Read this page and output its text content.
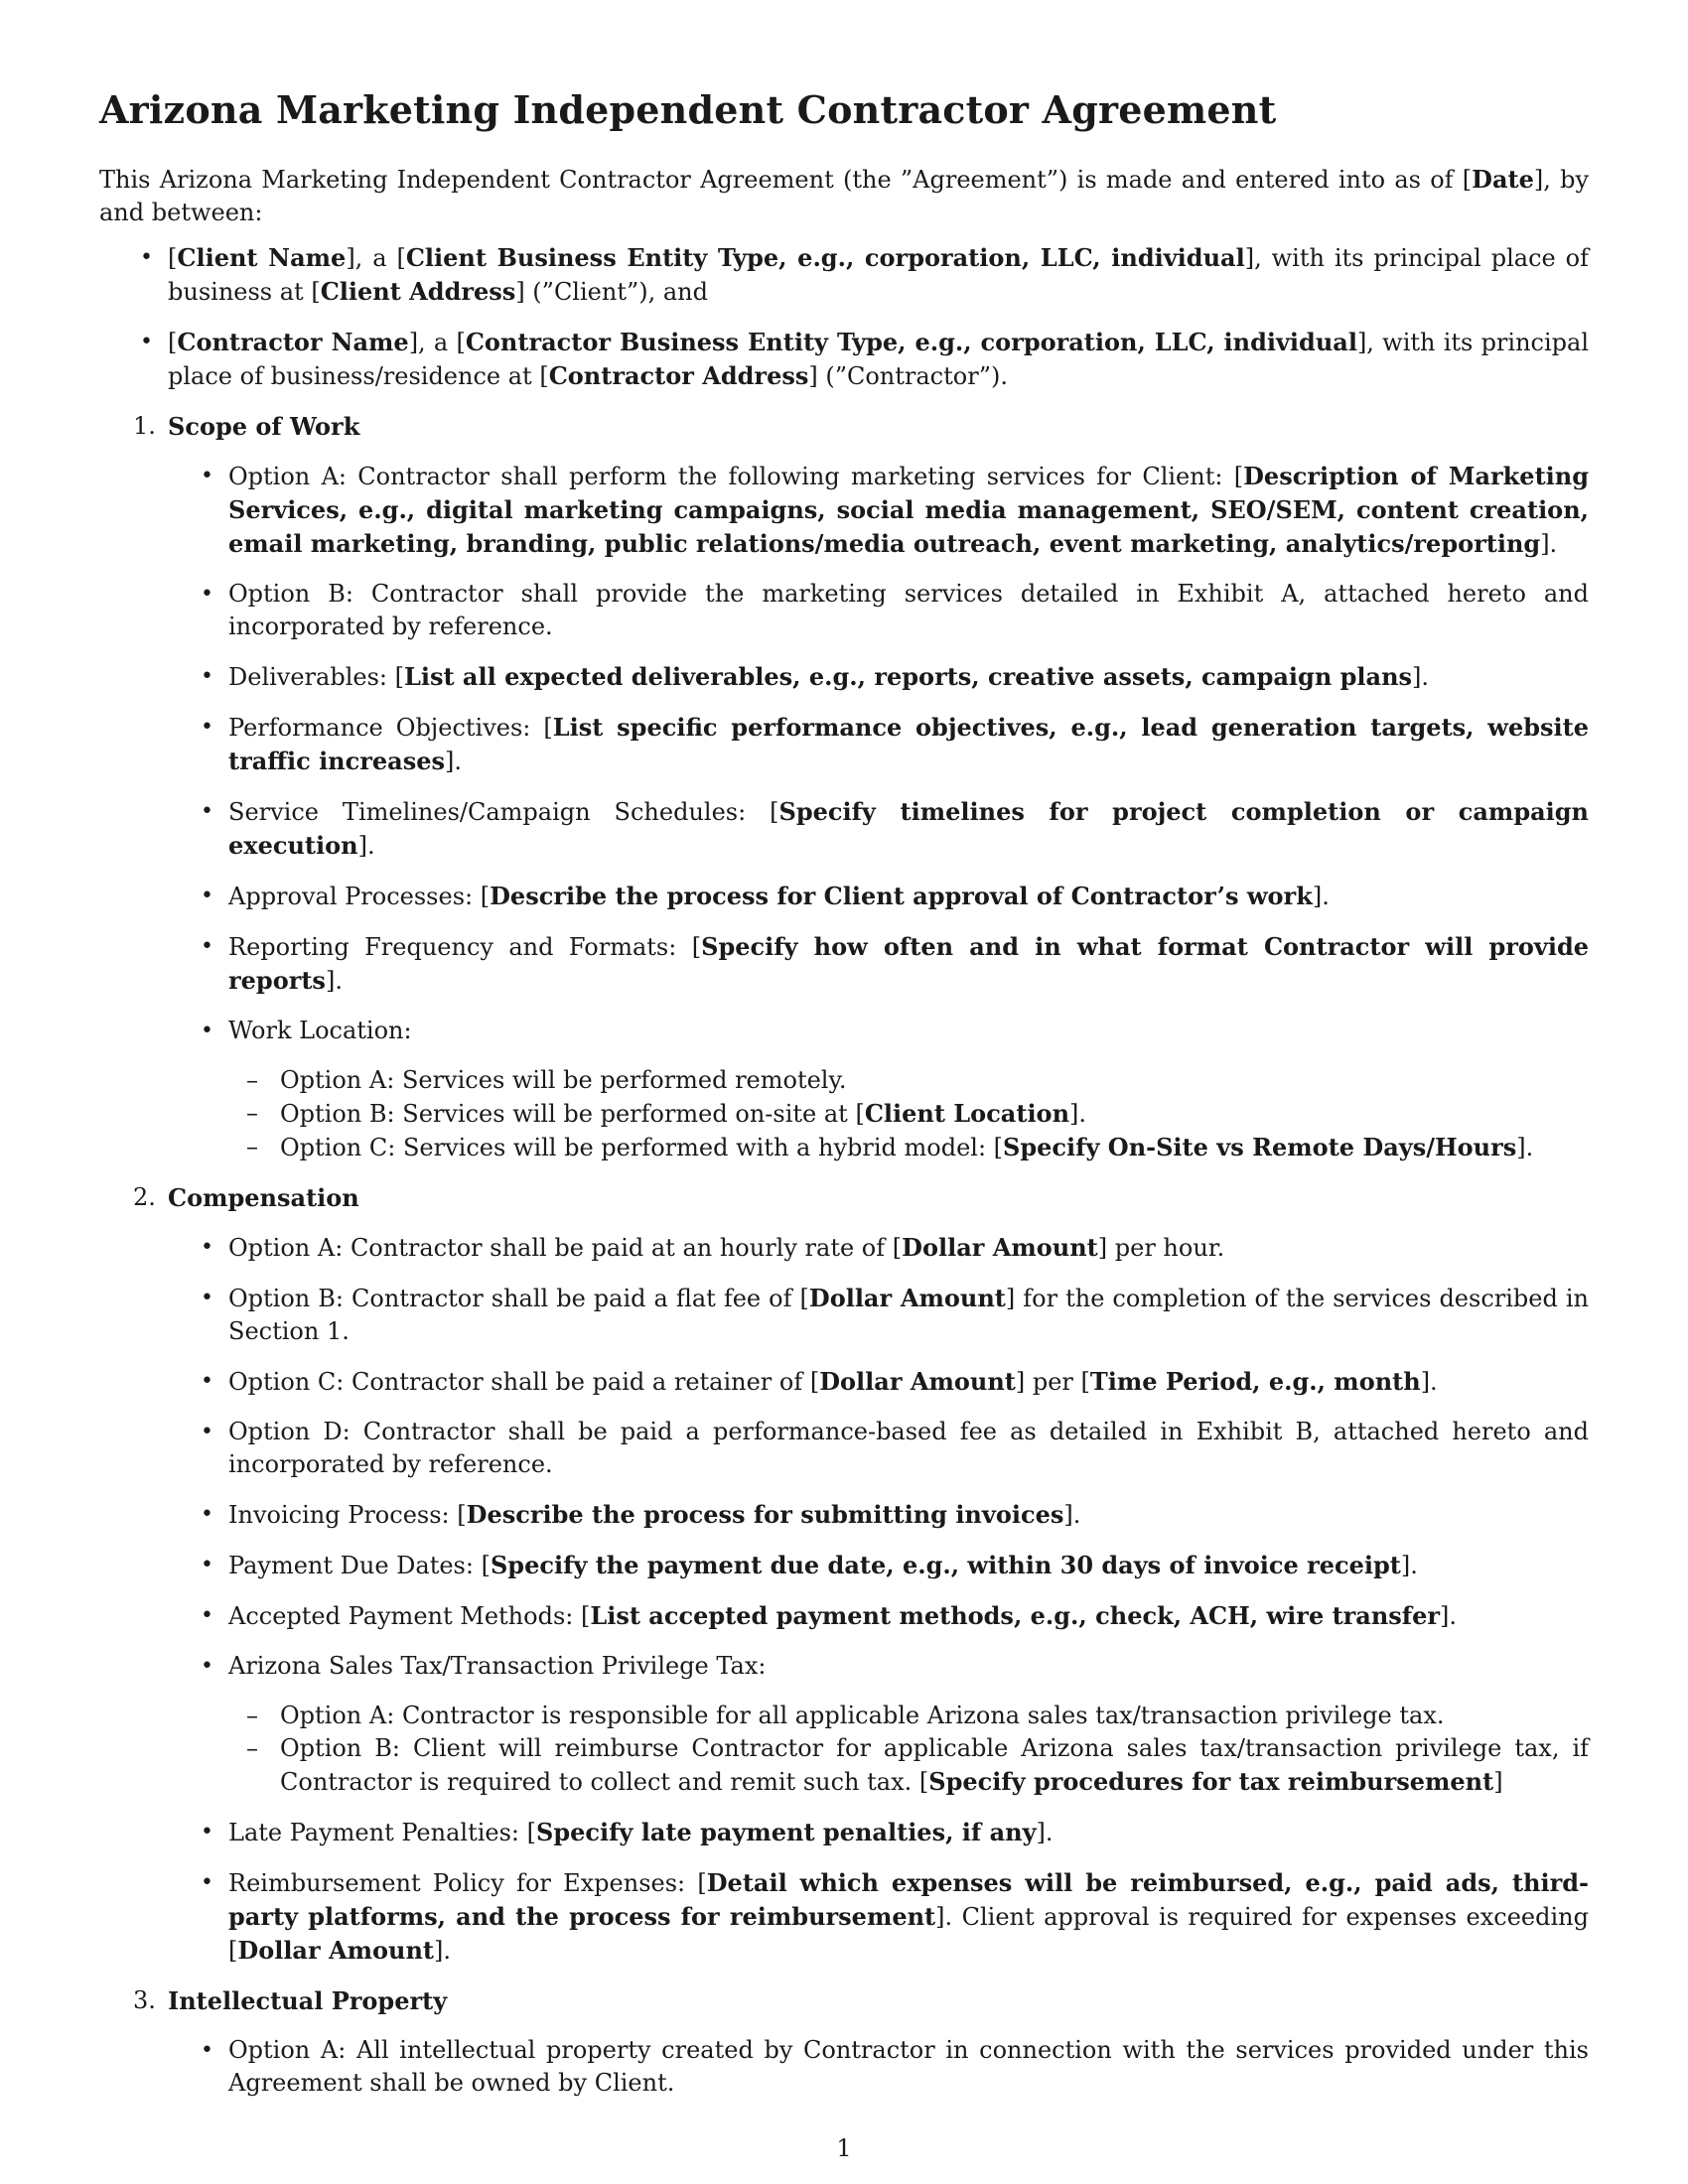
Arizona Marketing Independent Contractor Agreement

This Arizona Marketing Independent Contractor Agreement (the ”Agreement”) is made and entered into as of [Date], by and between:

• [Client Name], a [Client Business Entity Type, e.g., corporation, LLC, individual], with its principal place of business at [Client Address] (”Client”), and
• [Contractor Name], a [Contractor Business Entity Type, e.g., corporation, LLC, individual], with its principal place of business/residence at [Contractor Address] (”Contractor”).
1. Scope of Work
• Option A: Contractor shall perform the following marketing services for Client: [Description of Marketing Services, e.g., digital marketing campaigns, social media management, SEO/SEM, content creation, email marketing, branding, public relations/media outreach, event marketing, analytics/reporting].
• Option B: Contractor shall provide the marketing services detailed in Exhibit A, attached hereto and incorporated by reference.
• Deliverables: [List all expected deliverables, e.g., reports, creative assets, campaign plans].
• Performance Objectives: [List specific performance objectives, e.g., lead generation targets, website traffic increases].
• Service Timelines/Campaign Schedules: [Specify timelines for project completion or campaign execution].
• Approval Processes: [Describe the process for Client approval of Contractor’s work].
• Reporting Frequency and Formats: [Specify how often and in what format Contractor will provide reports].
• Work Location:
– Option A: Services will be performed remotely.
– Option B: Services will be performed on-site at [Client Location].
– Option C: Services will be performed with a hybrid model: [Specify On-Site vs Remote Days/Hours].
2. Compensation
• Option A: Contractor shall be paid at an hourly rate of [Dollar Amount] per hour.
• Option B: Contractor shall be paid a flat fee of [Dollar Amount] for the completion of the services described in Section 1.
• Option C: Contractor shall be paid a retainer of [Dollar Amount] per [Time Period, e.g., month].
• Option D: Contractor shall be paid a performance-based fee as detailed in Exhibit B, attached hereto and incorporated by reference.
• Invoicing Process: [Describe the process for submitting invoices].
• Payment Due Dates: [Specify the payment due date, e.g., within 30 days of invoice receipt].
• Accepted Payment Methods: [List accepted payment methods, e.g., check, ACH, wire transfer].
• Arizona Sales Tax/Transaction Privilege Tax:
– Option A: Contractor is responsible for all applicable Arizona sales tax/transaction privilege tax.
– Option B: Client will reimburse Contractor for applicable Arizona sales tax/transaction privilege tax, if Contractor is required to collect and remit such tax. [Specify procedures for tax reimbursement]
• Late Payment Penalties: [Specify late payment penalties, if any].
• Reimbursement Policy for Expenses: [Detail which expenses will be reimbursed, e.g., paid ads, third-party platforms, and the process for reimbursement]. Client approval is required for expenses exceeding [Dollar Amount].
3. Intellectual Property
• Option A: All intellectual property created by Contractor in connection with the services provided under this Agreement shall be owned by Client.
1
